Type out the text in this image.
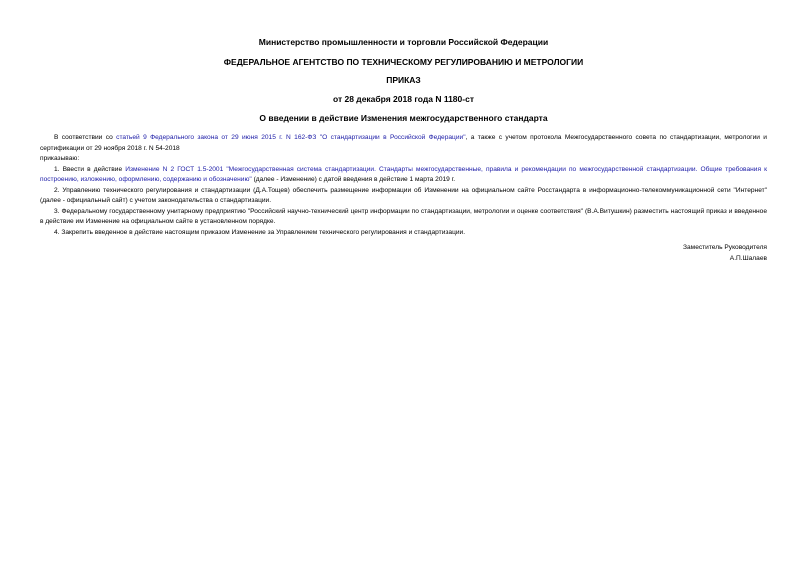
Министерство промышленности и торговли Российской Федерации
ФЕДЕРАЛЬНОЕ АГЕНТСТВО ПО ТЕХНИЧЕСКОМУ РЕГУЛИРОВАНИЮ И МЕТРОЛОГИИ
ПРИКАЗ
от 28 декабря 2018 года N 1180-ст
О введении в действие Изменения межгосударственного стандарта

В соответствии со статьей 9 Федерального закона от 29 июня 2015 г. N 162-ФЗ "О стандартизации в Российской Федерации", а также с учетом протокола Межгосударственного совета по стандартизации, метрологии и сертификации от 29 ноября 2018 г. N 54-2018

приказываю:

1. Ввести в действие Изменение N 2 ГОСТ 1.5-2001 "Межгосударственная система стандартизации. Стандарты межгосударственные, правила и рекомендации по межгосударственной стандартизации. Общие требования к построению, изложению, оформлению, содержанию и обозначению" (далее - Изменение) с датой введения в действие 1 марта 2019 г.

2. Управлению технического регулирования и стандартизации (Д.А.Тощев) обеспечить размещение информации об Изменении на официальном сайте Росстандарта в информационно-телекоммуникационной сети "Интернет" (далее - официальный сайт) с учетом законодательства о стандартизации.

3. Федеральному государственному унитарному предприятию "Российский научно-технический центр информации по стандартизации, метрологии и оценке соответствия" (В.А.Витушкин) разместить настоящий приказ и введенное в действие им Изменение на официальном сайте в установленном порядке.

4. Закрепить введенное в действие настоящим приказом Изменение за Управлением технического регулирования и стандартизации.

Заместитель Руководителя

А.П.Шалаев
